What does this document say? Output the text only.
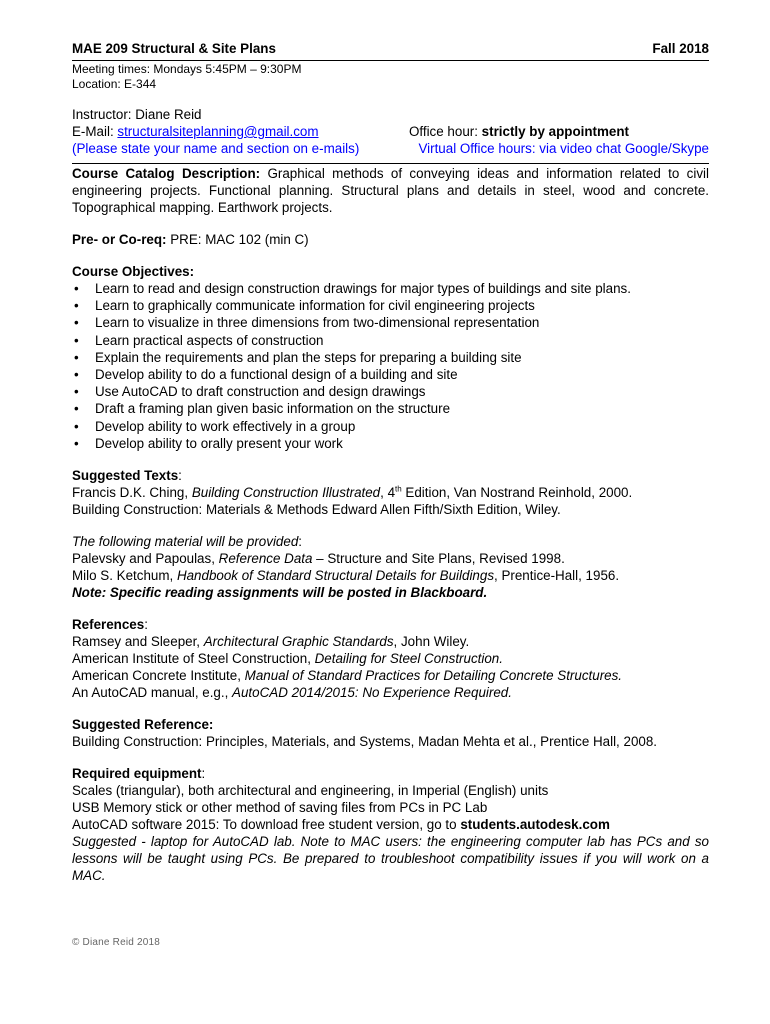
MAE 209 Structural & Site Plans	Fall 2018
Meeting times: Mondays 5:45PM – 9:30PM
Location: E-344
Instructor: Diane Reid
E-Mail: structuralsiteplanning@gmail.com	Office hour: strictly by appointment
(Please state your name and section on e-mails)	Virtual Office hours: via video chat Google/Skype
Course Catalog Description: Graphical methods of conveying ideas and information related to civil engineering projects. Functional planning. Structural plans and details in steel, wood and concrete. Topographical mapping. Earthwork projects.
Pre- or Co-req: PRE: MAC 102 (min C)
Course Objectives:
• Learn to read and design construction drawings for major types of buildings and site plans.
• Learn to graphically communicate information for civil engineering projects
• Learn to visualize in three dimensions from two-dimensional representation
• Learn practical aspects of construction
• Explain the requirements and plan the steps for preparing a building site
• Develop ability to do a functional design of a building and site
• Use AutoCAD to draft construction and design drawings
• Draft a framing plan given basic information on the structure
• Develop ability to work effectively in a group
• Develop ability to orally present your work
Suggested Texts:
Francis D.K. Ching, Building Construction Illustrated, 4th Edition, Van Nostrand Reinhold, 2000.
Building Construction: Materials & Methods Edward Allen Fifth/Sixth Edition, Wiley.
The following material will be provided:
Palevsky and Papoulas, Reference Data – Structure and Site Plans, Revised 1998.
Milo S. Ketchum, Handbook of Standard Structural Details for Buildings, Prentice-Hall, 1956.
Note: Specific reading assignments will be posted in Blackboard.
References:
Ramsey and Sleeper, Architectural Graphic Standards, John Wiley.
American Institute of Steel Construction, Detailing for Steel Construction.
American Concrete Institute, Manual of Standard Practices for Detailing Concrete Structures.
An AutoCAD manual, e.g., AutoCAD 2014/2015: No Experience Required.
Suggested Reference:
Building Construction: Principles, Materials, and Systems, Madan Mehta et al., Prentice Hall, 2008.
Required equipment:
Scales (triangular), both architectural and engineering, in Imperial (English) units
USB Memory stick or other method of saving files from PCs in PC Lab
AutoCAD software 2015: To download free student version, go to students.autodesk.com
Suggested - laptop for AutoCAD lab. Note to MAC users: the engineering computer lab has PCs and so lessons will be taught using PCs. Be prepared to troubleshoot compatibility issues if you will work on a MAC.
© Diane Reid 2018
